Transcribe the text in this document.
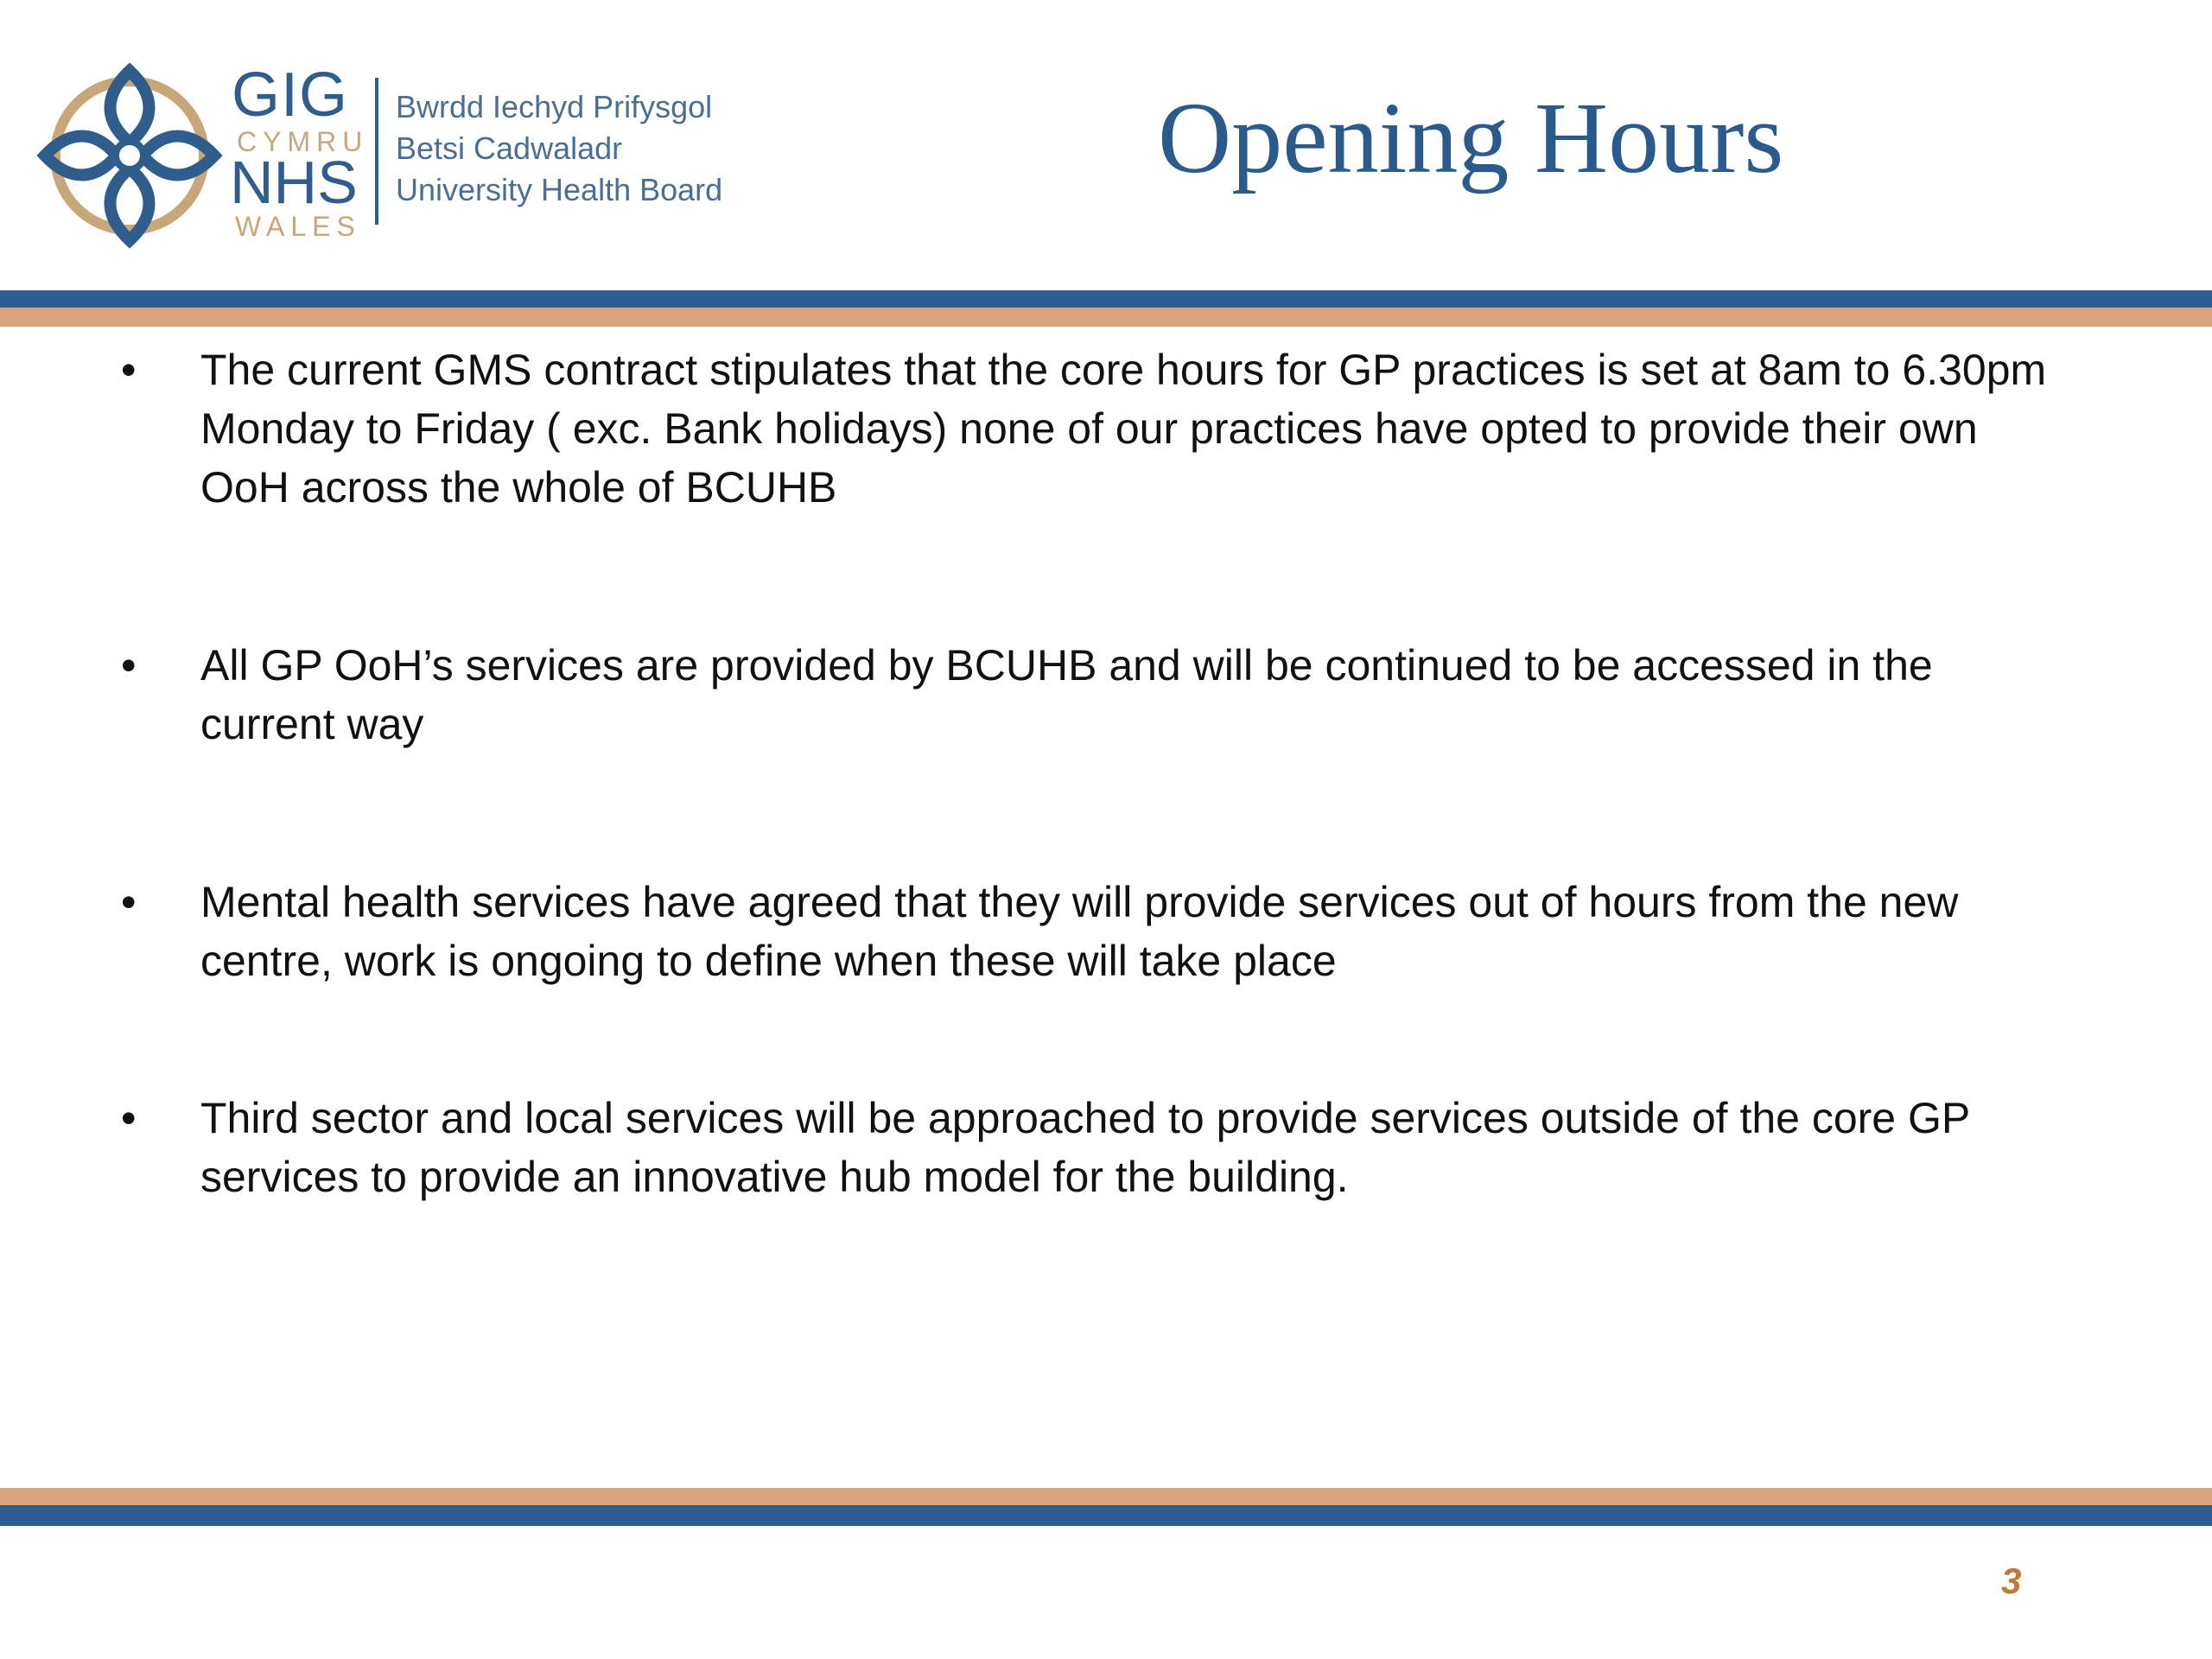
GIG
CYMRU
NHS
WALES
Bwrdd Iechyd Prifysgol
Betsi Cadwaladr
University Health Board	Opening Hours
•	The current GMS contract stipulates that the core hours for GP practices is set at 8am to 6.30pm Monday to Friday ( exc. Bank holidays) none of our practices have opted to provide their own OoH across the whole of BCUHB
•	All GP OoH’s services are provided by BCUHB and will be continued to be accessed in the current way
•	Mental health services have agreed that they will provide services out of hours from the new centre, work is ongoing to define when these will take place
•	Third sector and local services will be approached to provide services outside of the core GP services to provide an innovative hub model for the building.
3
